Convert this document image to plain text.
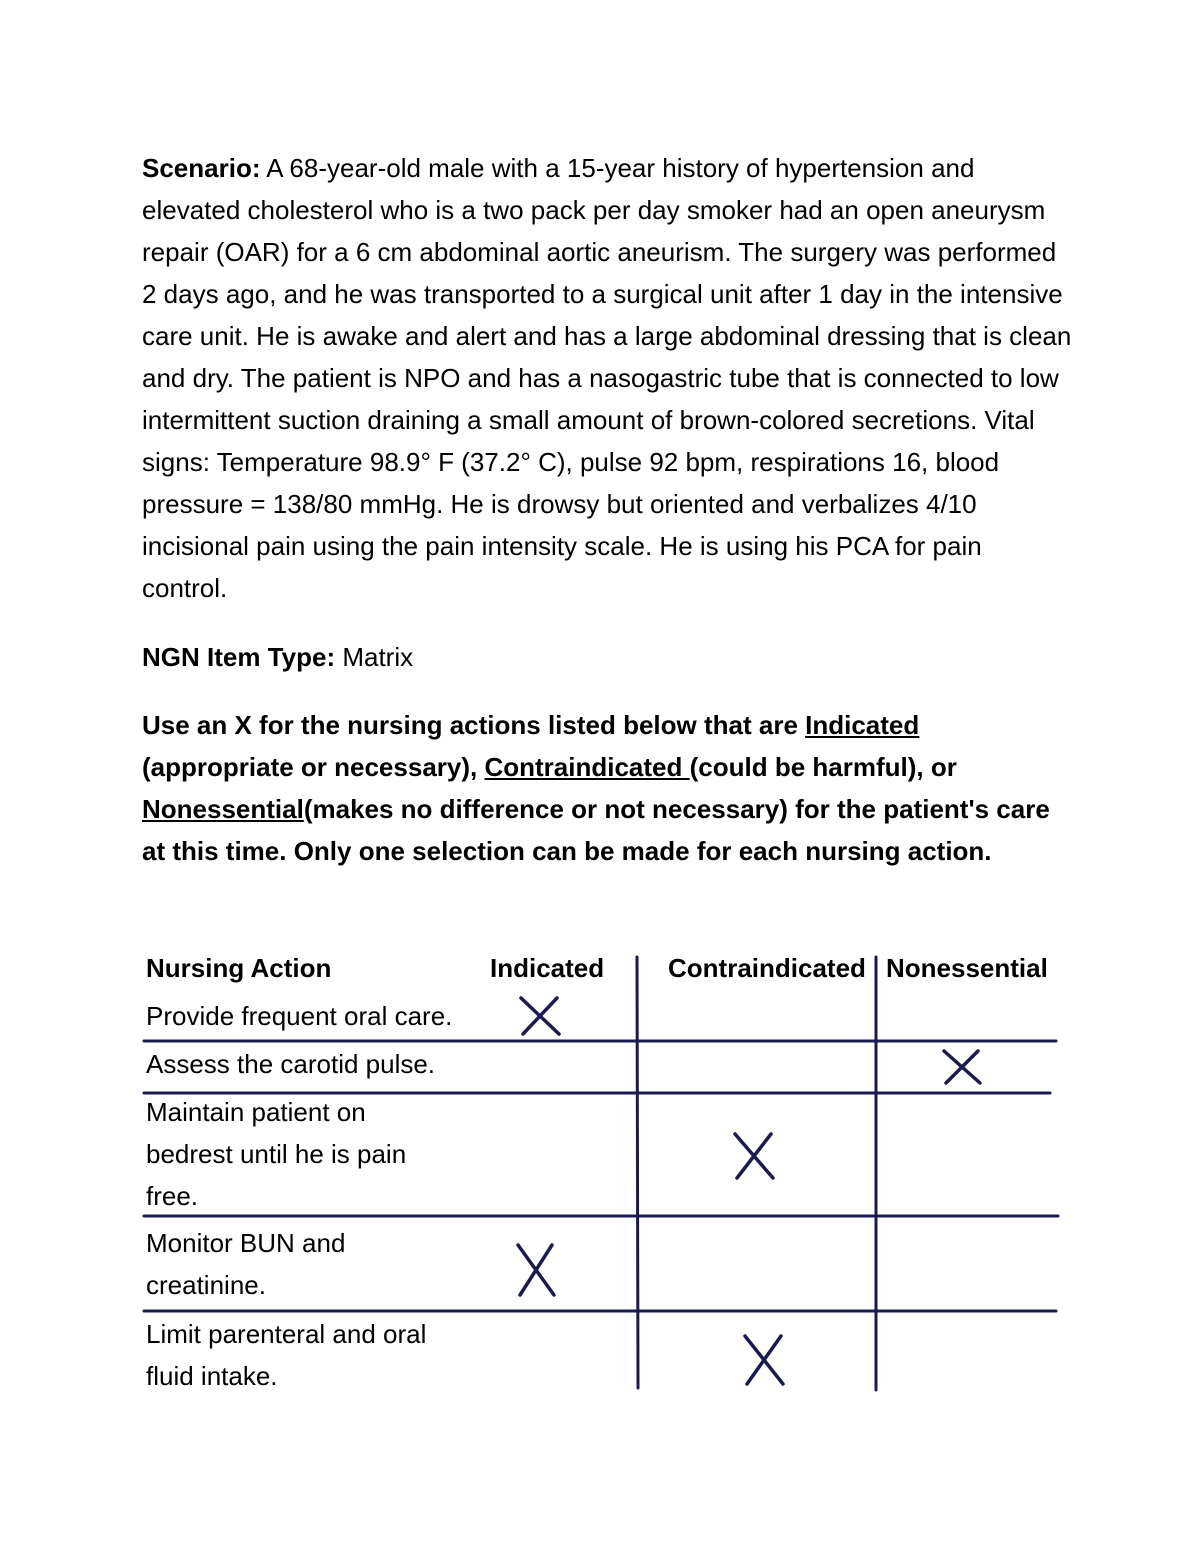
Scenario: A 68-year-old male with a 15-year history of hypertension and elevated cholesterol who is a two pack per day smoker had an open aneurysm repair (OAR) for a 6 cm abdominal aortic aneurism. The surgery was performed 2 days ago, and he was transported to a surgical unit after 1 day in the intensive care unit. He is awake and alert and has a large abdominal dressing that is clean and dry. The patient is NPO and has a nasogastric tube that is connected to low intermittent suction draining a small amount of brown-colored secretions. Vital signs: Temperature 98.9° F (37.2° C), pulse 92 bpm, respirations 16, blood pressure = 138/80 mmHg. He is drowsy but oriented and verbalizes 4/10 incisional pain using the pain intensity scale. He is using his PCA for pain control.

NGN Item Type: Matrix

Use an X for the nursing actions listed below that are Indicated (appropriate or necessary), Contraindicated (could be harmful), or Nonessential(makes no difference or not necessary) for the patient's care at this time. Only one selection can be made for each nursing action.

Nursing Action	Indicated Contraindicated Nonessential
Provide frequent oral care.
Assess the carotid pulse.
Maintain patient on
bedrest until he is pain
free.
Monitor BUN and
creatinine.
Limit parenteral and oral
fluid intake.
